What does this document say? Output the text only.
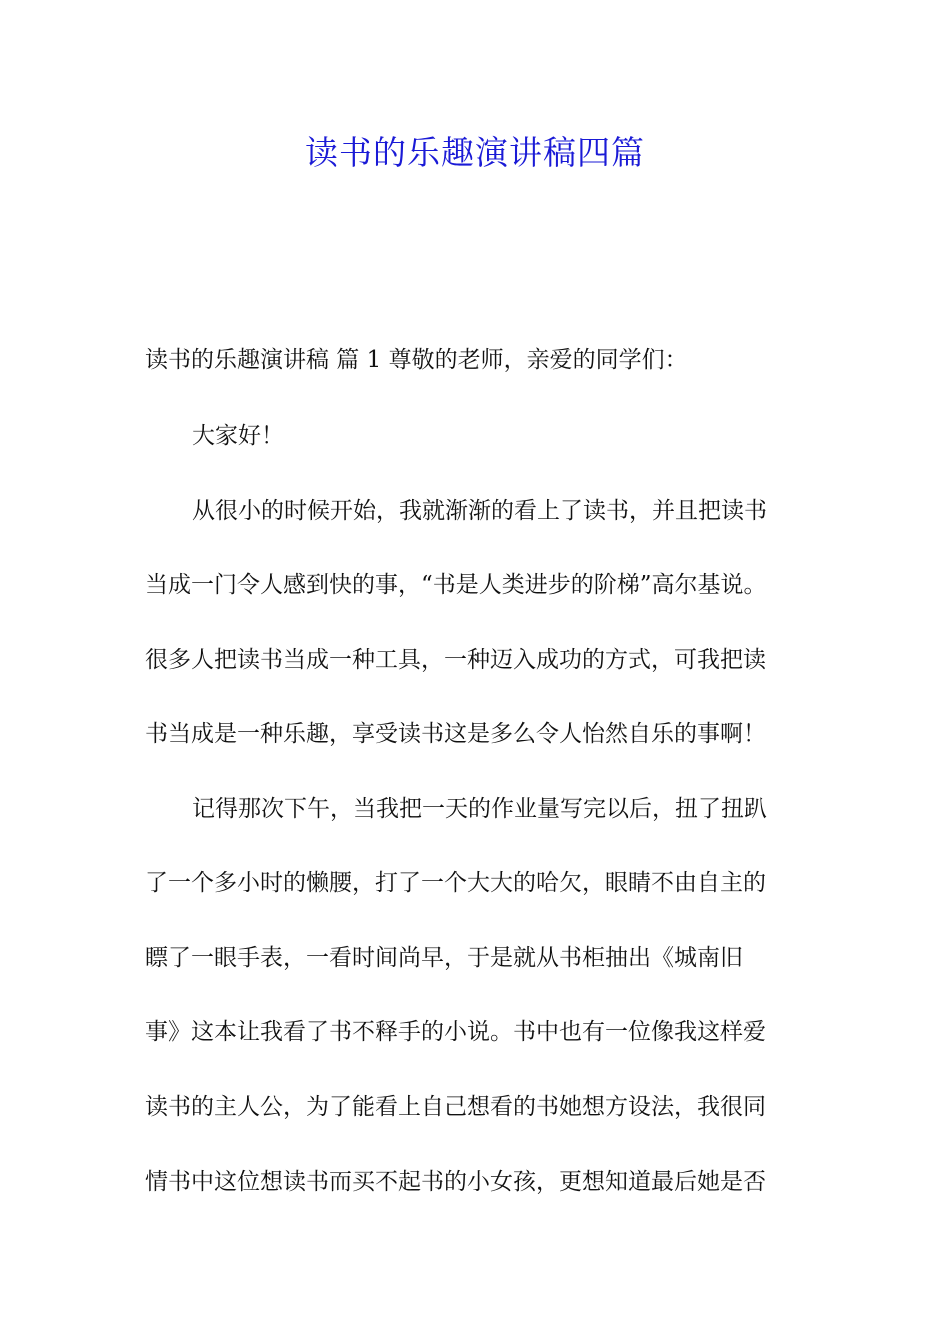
读书的乐趣演讲稿四篇

读书的乐趣演讲稿 篇 1 尊敬的老师，亲爱的同学们：

大家好！

从很小的时候开始，我就渐渐的看上了读书，并且把读书

当成一门令人感到快的事，“书是人类进步的阶梯”高尔基说。

很多人把读书当成一种工具，一种迈入成功的方式，可我把读

书当成是一种乐趣，享受读书这是多么令人怡然自乐的事啊！

记得那次下午，当我把一天的作业量写完以后，扭了扭趴

了一个多小时的懒腰，打了一个大大的哈欠，眼睛不由自主的

瞟了一眼手表，一看时间尚早，于是就从书柜抽出《城南旧

事》这本让我看了书不释手的小说。书中也有一位像我这样爱

读书的主人公，为了能看上自己想看的书她想方设法，我很同

情书中这位想读书而买不起书的小女孩，更想知道最后她是否
